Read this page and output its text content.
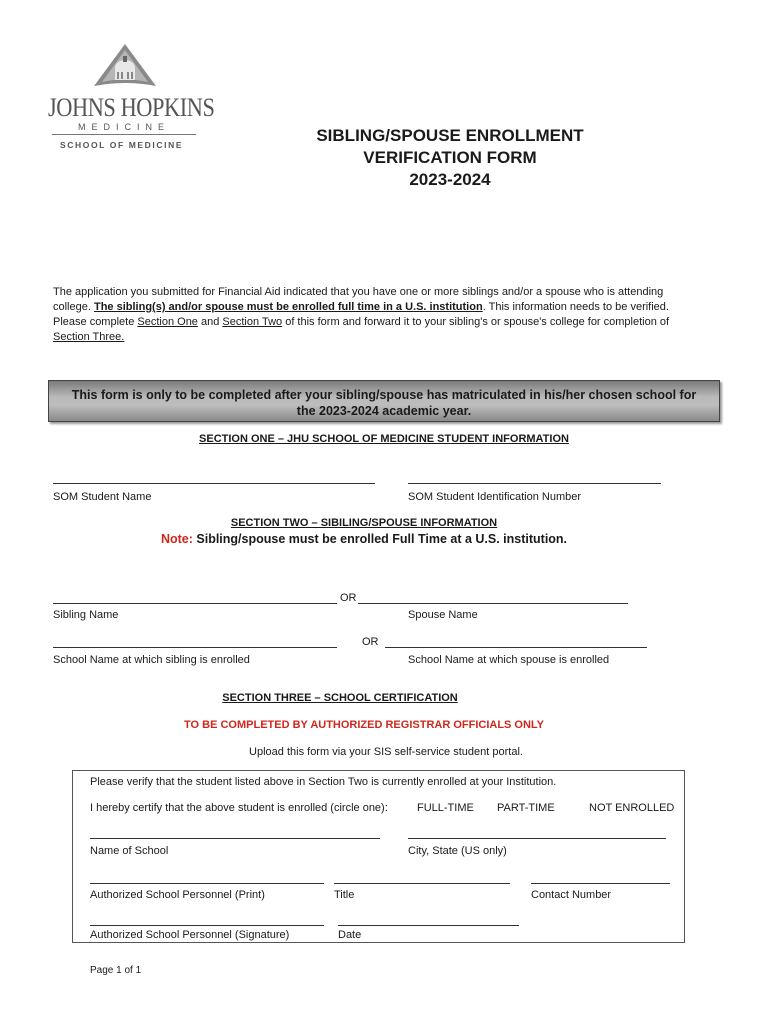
JOHNS HOPKINS
MEDICINE
SCHOOL OF MEDICINE	SIBLING/SPOUSE ENROLLMENT
VERIFICATION FORM
2023-2024
The application you submitted for Financial Aid indicated that you have one or more siblings and/or a spouse who is attending college. The sibling(s) and/or spouse must be enrolled full time in a U.S. institution. This information needs to be verified. Please complete Section One and Section Two of this form and forward it to your sibling's or spouse's college for completion of Section Three.
This form is only to be completed after your sibling/spouse has matriculated in his/her chosen school for
the 2023-2024 academic year.
SECTION ONE – JHU SCHOOL OF MEDICINE STUDENT INFORMATION
SOM Student Name	SOM Student Identification Number
SECTION TWO – SIBILING/SPOUSE INFORMATION
Note: Sibling/spouse must be enrolled Full Time at a U.S. institution.
OR
Sibling Name	Spouse Name
OR
School Name at which sibling is enrolled	School Name at which spouse is enrolled
SECTION THREE – SCHOOL CERTIFICATION
TO BE COMPLETED BY AUTHORIZED REGISTRAR OFFICIALS ONLY
Upload this form via your SIS self-service student portal.
Please verify that the student listed above in Section Two is currently enrolled at your Institution.
I hereby certify that the above student is enrolled (circle one):	FULL-TIME PART-TIME	NOT ENROLLED
Name of School	City, State (US only)
Authorized School Personnel (Print)	Title	Contact Number
Authorized School Personnel (Signature)	Date
Page 1 of 1
